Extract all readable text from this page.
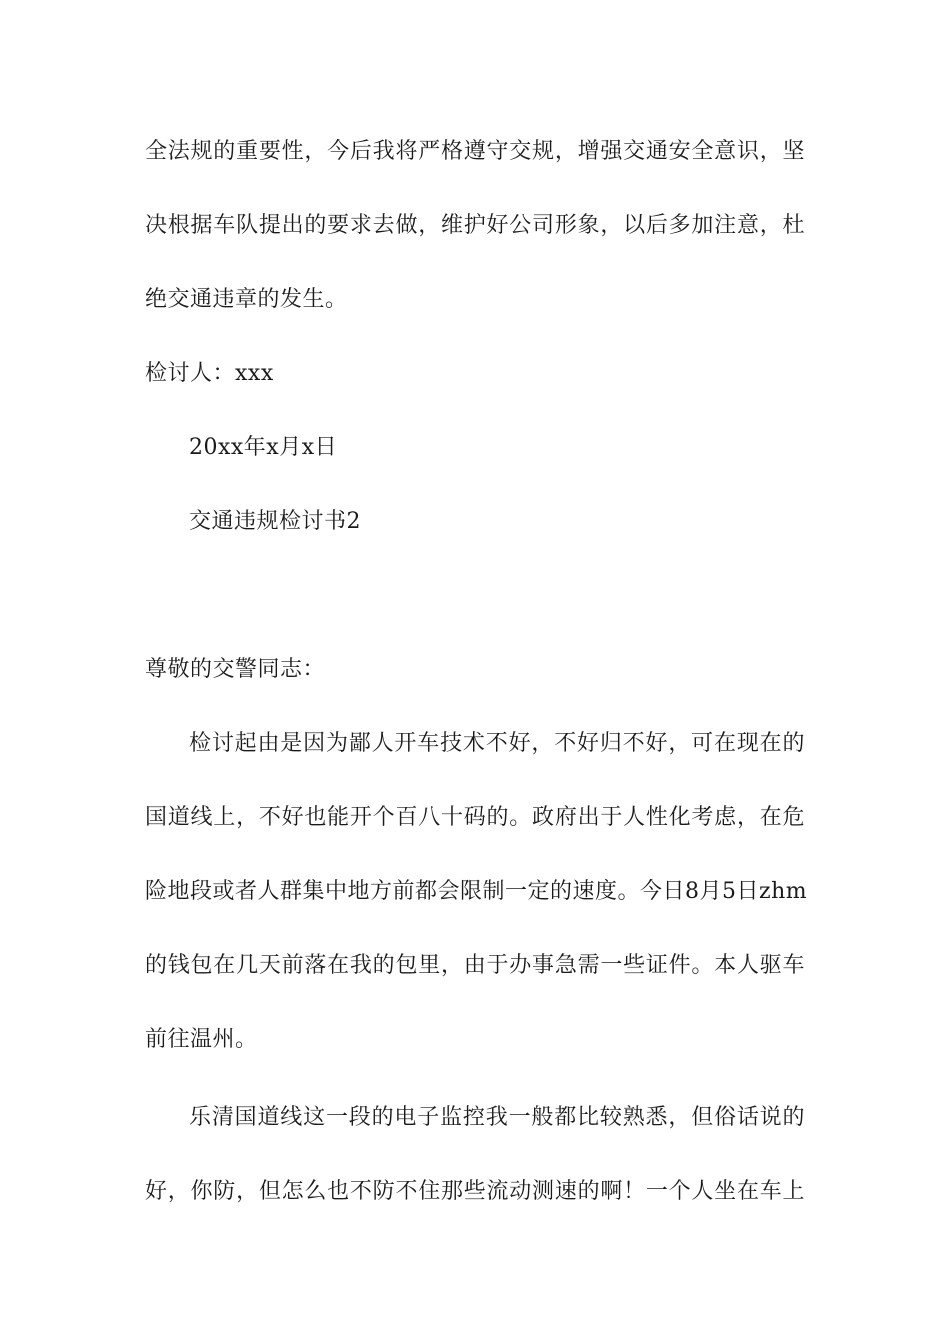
全法规的重要性，今后我将严格遵守交规，增强交通安全意识，坚
决根据车队提出的要求去做，维护好公司形象，以后多加注意，杜
绝交通违章的发生。
检讨人：xxx
20xx年x月x日
交通违规检讨书2
尊敬的交警同志：
检讨起由是因为鄙人开车技术不好，不好归不好，可在现在的
国道线上，不好也能开个百八十码的。政府出于人性化考虑，在危
险地段或者人群集中地方前都会限制一定的速度。今日8月5日zhm
的钱包在几天前落在我的包里，由于办事急需一些证件。本人驱车
前往温州。
乐清国道线这一段的电子监控我一般都比较熟悉，但俗话说的
好，你防，但怎么也不防不住那些流动测速的啊！一个人坐在车上
